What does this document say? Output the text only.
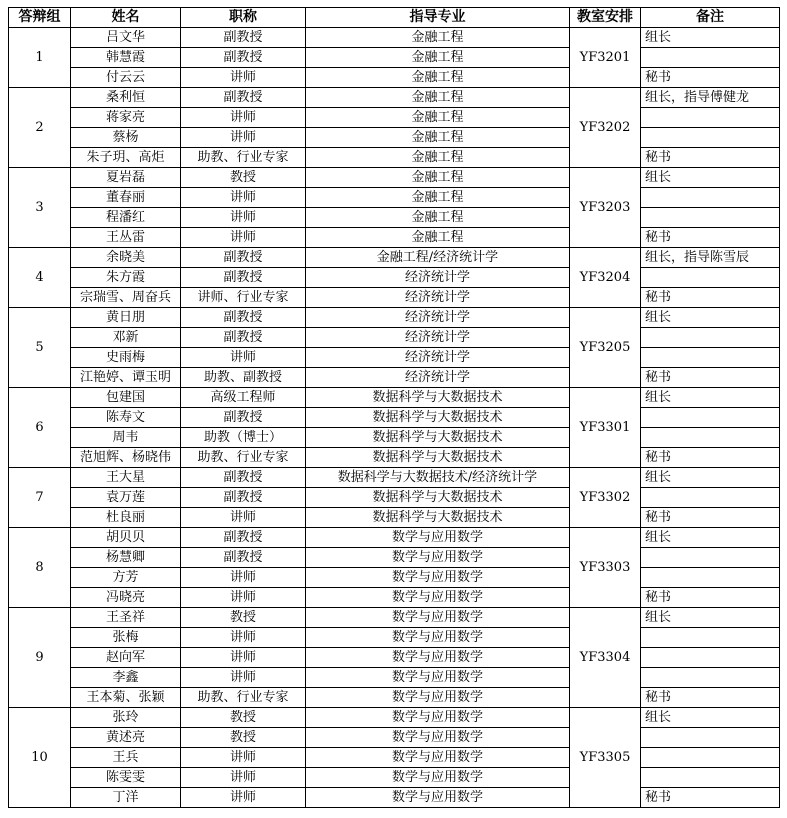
答辩组	姓名	职称	指导专业	教室安排	备注
1	吕文华	副教授	金融工程	YF3201	组长
	韩慧霞	副教授	金融工程		
	付云云	讲师	金融工程		秘书
2	桑利恒	副教授	金融工程	YF3202	组长，指导傅健龙
	蒋家亮	讲师	金融工程		
	蔡杨	讲师	金融工程		
	朱子玥、高炬	助教、行业专家	金融工程		秘书
3	夏岩磊	教授	金融工程	YF3203	组长
	董春丽	讲师	金融工程		
	程潘红	讲师	金融工程		
	王丛雷	讲师	金融工程		秘书
4	余晓美	副教授	金融工程/经济统计学	YF3204	组长，指导陈雪辰
	朱方霞	副教授	经济统计学		
	宗瑞雪、周奋兵	讲师、行业专家	经济统计学		秘书
5	黄日朋	副教授	经济统计学	YF3205	组长
	邓新	副教授	经济统计学		
	史雨梅	讲师	经济统计学		
	江艳婷、谭玉明	助教、副教授	经济统计学		秘书
6	包建国	高级工程师	数据科学与大数据技术	YF3301	组长
	陈寿文	副教授	数据科学与大数据技术		
	周韦	助教（博士）	数据科学与大数据技术		
	范旭辉、杨晓伟	助教、行业专家	数据科学与大数据技术		秘书
7	王大星	副教授	数据科学与大数据技术/经济统计学	YF3302	组长
	袁万莲	副教授	数据科学与大数据技术		
	杜良丽	讲师	数据科学与大数据技术		秘书
8	胡贝贝	副教授	数学与应用数学	YF3303	组长
	杨慧卿	副教授	数学与应用数学		
	方芳	讲师	数学与应用数学		
	冯晓亮	讲师	数学与应用数学		秘书
9	王圣祥	教授	数学与应用数学	YF3304	组长
	张梅	讲师	数学与应用数学		
	赵向军	讲师	数学与应用数学		
	李鑫	讲师	数学与应用数学		
	王本菊、张颖	助教、行业专家	数学与应用数学		秘书
10	张玲	教授	数学与应用数学	YF3305	组长
	黄述亮	教授	数学与应用数学		
	王兵	讲师	数学与应用数学		
	陈雯雯	讲师	数学与应用数学		
	丁洋	讲师	数学与应用数学		秘书
